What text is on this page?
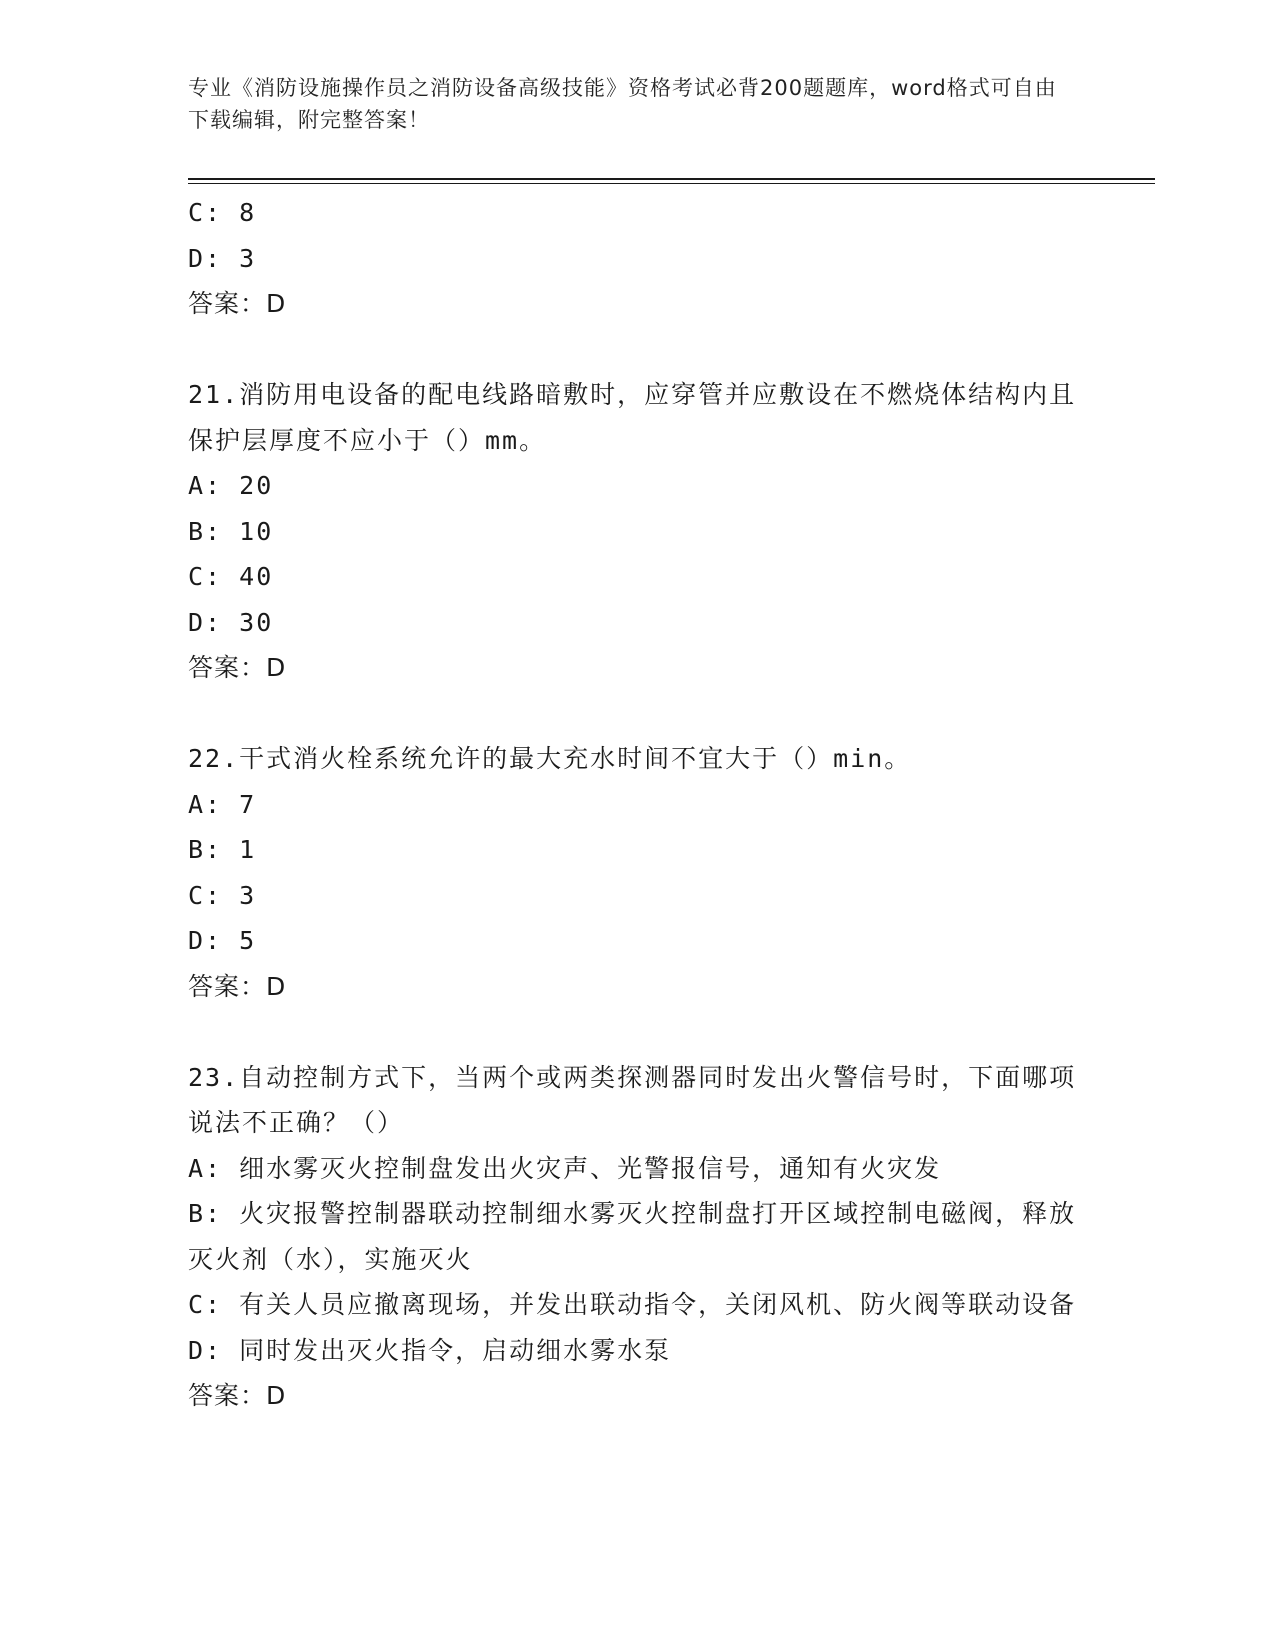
专业《消防设施操作员之消防设备高级技能》资格考试必背200题题库，word格式可自由下载编辑，附完整答案！

C: 8

D: 3

答案：D

21.消防用电设备的配电线路暗敷时，应穿管并应敷设在不燃烧体结构内且保护层厚度不应小于（）mm。

A: 20

B: 10

C: 40

D: 30

答案：D

22.干式消火栓系统允许的最大充水时间不宜大于（）min。

A: 7

B: 1

C: 3

D: 5

答案：D

23.自动控制方式下，当两个或两类探测器同时发出火警信号时，下面哪项说法不正确？（）

A: 细水雾灭火控制盘发出火灾声、光警报信号，通知有火灾发

B: 火灾报警控制器联动控制细水雾灭火控制盘打开区域控制电磁阀，释放灭火剂（水），实施灭火

C: 有关人员应撤离现场，并发出联动指令，关闭风机、防火阀等联动设备

D: 同时发出灭火指令，启动细水雾水泵

答案：D
